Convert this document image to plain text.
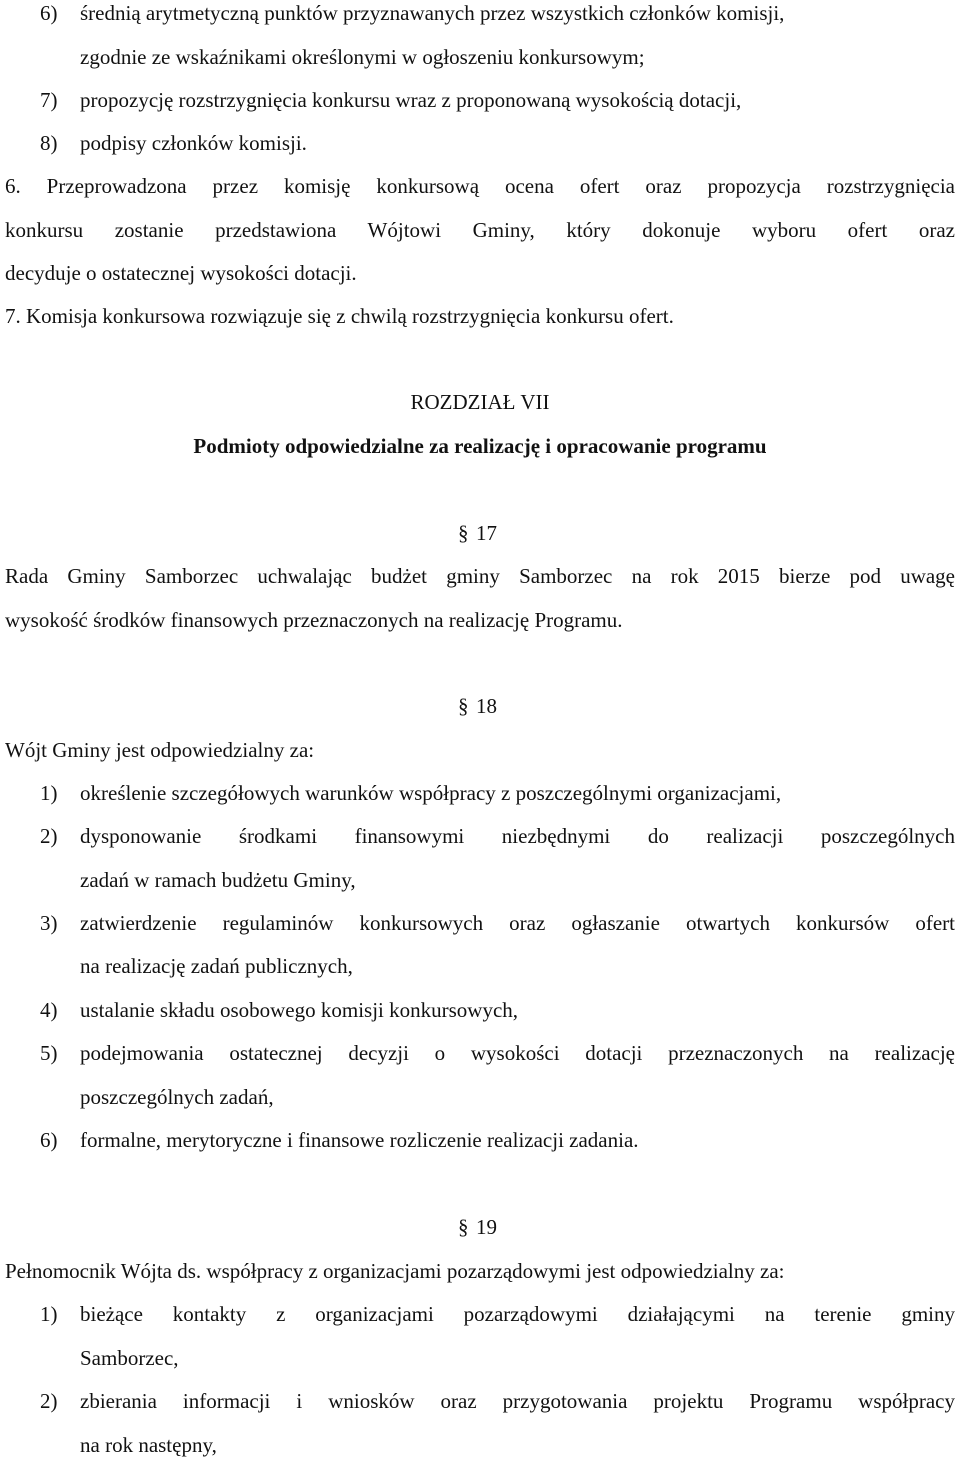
6) średnią arytmetyczną punktów przyznawanych przez wszystkich członków komisji,
zgodnie ze wskaźnikami określonymi w ogłoszeniu konkursowym;
7) propozycję rozstrzygnięcia konkursu wraz z proponowaną wysokością dotacji,
8) podpisy członków komisji.
6. Przeprowadzona przez komisję konkursową ocena ofert oraz propozycja rozstrzygnięcia
konkursu zostanie przedstawiona Wójtowi Gminy, który dokonuje wyboru ofert oraz
decyduje o ostatecznej wysokości dotacji.
7. Komisja konkursowa rozwiązuje się z chwilą rozstrzygnięcia konkursu ofert.
ROZDZIAŁ VII
Podmioty odpowiedzialne za realizację i opracowanie programu
§ 17
Rada Gminy Samborzec uchwalając budżet gminy Samborzec na rok 2015 bierze pod uwagę
wysokość środków finansowych przeznaczonych na realizację Programu.
§ 18
Wójt Gminy jest odpowiedzialny za:
1) określenie szczegółowych warunków współpracy z poszczególnymi organizacjami,
2) dysponowanie środkami finansowymi niezbędnymi do realizacji poszczególnych
zadań w ramach budżetu Gminy,
3) zatwierdzenie regulaminów konkursowych oraz ogłaszanie otwartych konkursów ofert
na realizację zadań publicznych,
4) ustalanie składu osobowego komisji konkursowych,
5) podejmowania ostatecznej decyzji o wysokości dotacji przeznaczonych na realizację
poszczególnych zadań,
6) formalne, merytoryczne i finansowe rozliczenie realizacji zadania.
§ 19
Pełnomocnik Wójta ds. współpracy z organizacjami pozarządowymi jest odpowiedzialny za:
1) bieżące kontakty z organizacjami pozarządowymi działającymi na terenie gminy
Samborzec,
2) zbierania informacji i wniosków oraz przygotowania projektu Programu współpracy
na rok następny,
